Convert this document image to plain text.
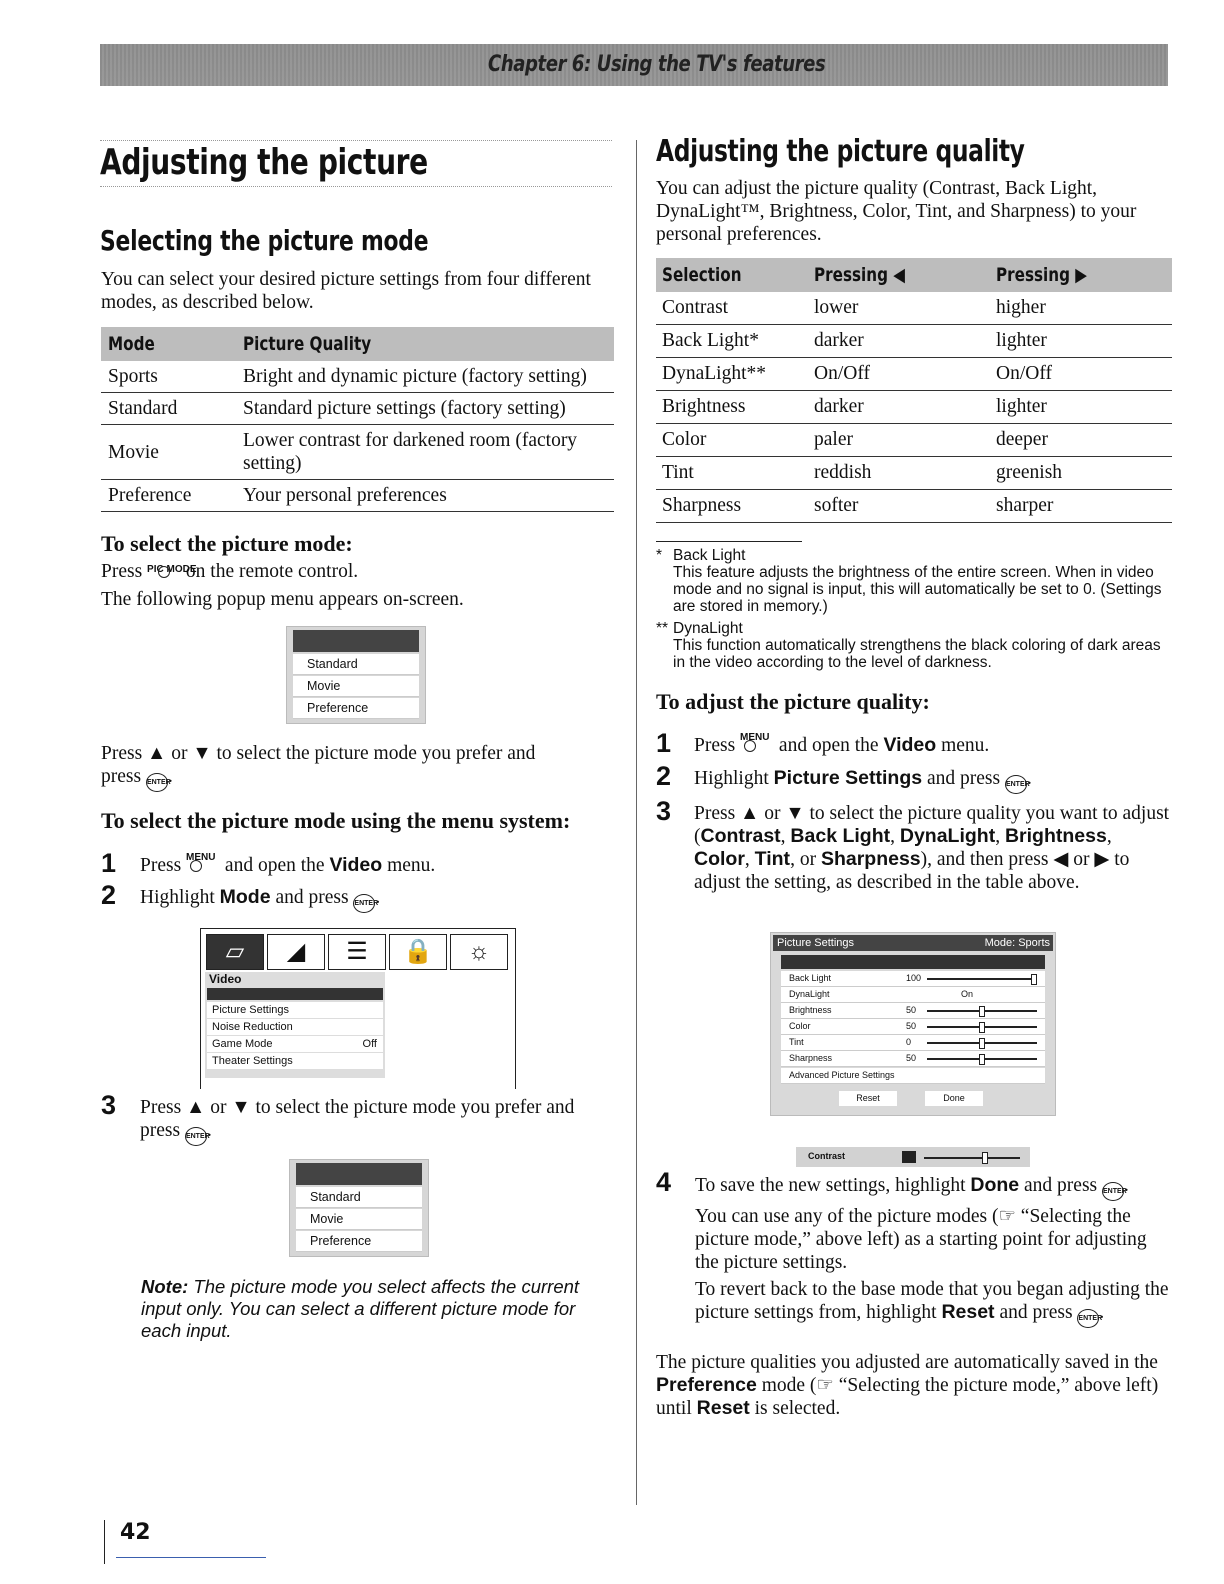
Chapter 6: Using the TV's features
Adjusting the picture
Selecting the picture mode

You can select your desired picture settings from four different modes, as described below.

Mode	Picture Quality
Sports	Bright and dynamic picture (factory setting)
Standard	Standard picture settings (factory setting)
Movie	Lower contrast for darkened room (factory setting)
Preference	Your personal preferences
To select the picture mode:

Press PIC MODE
on the remote control.

The following popup menu appears on-screen.

Standard
Movie
Preference

Press ▲ or ▼ to select the picture mode you prefer and
press ENTER.

To select the picture mode using the menu system:
1 Press MENU and open the Video menu.
2 Highlight Mode and press ENTER.
▱	◢	☰	🔒	☼
Video
Picture Settings
Noise Reduction
Game Mode	Off
Theater Settings
3 Press ▲ or ▼ to select the picture mode you prefer and
press ENTER.
Standard
Movie
Preference

Note: The picture mode you select affects the current input only. You can select a different picture mode for each input.

Adjusting the picture quality

You can adjust the picture quality (Contrast, Back Light, DynaLight™, Brightness, Color, Tint, and Sharpness) to your personal preferences.

Selection	Pressing ◀	Pressing ▶
Contrast	lower	higher
Back Light*	darker	lighter
DynaLight**	On/Off	On/Off
Brightness	darker	lighter
Color	paler	deeper
Tint	reddish	greenish
Sharpness	softer	sharper
* Back Light
This feature adjusts the brightness of the entire screen. When in video mode and no signal is input, this will automatically be set to 0. (Settings are stored in memory.)
** DynaLight
This function automatically strengthens the black coloring of dark areas in the video according to the level of darkness.
To adjust the picture quality:
1 Press MENU and open the Video menu.
2 Highlight Picture Settings and press ENTER.
3 Press ▲ or ▼ to select the picture quality you want to adjust (Contrast, Back Light, DynaLight, Brightness, Color, Tint, or Sharpness), and then press ◀ or ▶ to adjust the setting, as described in the table above.
Picture Settings	Mode: Sports
Back Light	100
DynaLight	On
Brightness	50
Color	50
Tint	0
Sharpness	50
Advanced Picture Settings
Reset	Done
Contrast
4 To save the new settings, highlight Done and press ENTER.
You can use any of the picture modes (☞ “Selecting the picture mode,” above left) as a starting point for adjusting the picture settings.
To revert back to the base mode that you began adjusting the picture settings from, highlight Reset and press ENTER.

The picture qualities you adjusted are automatically saved in the Preference mode (☞ “Selecting the picture mode,” above left) until Reset is selected.

42
